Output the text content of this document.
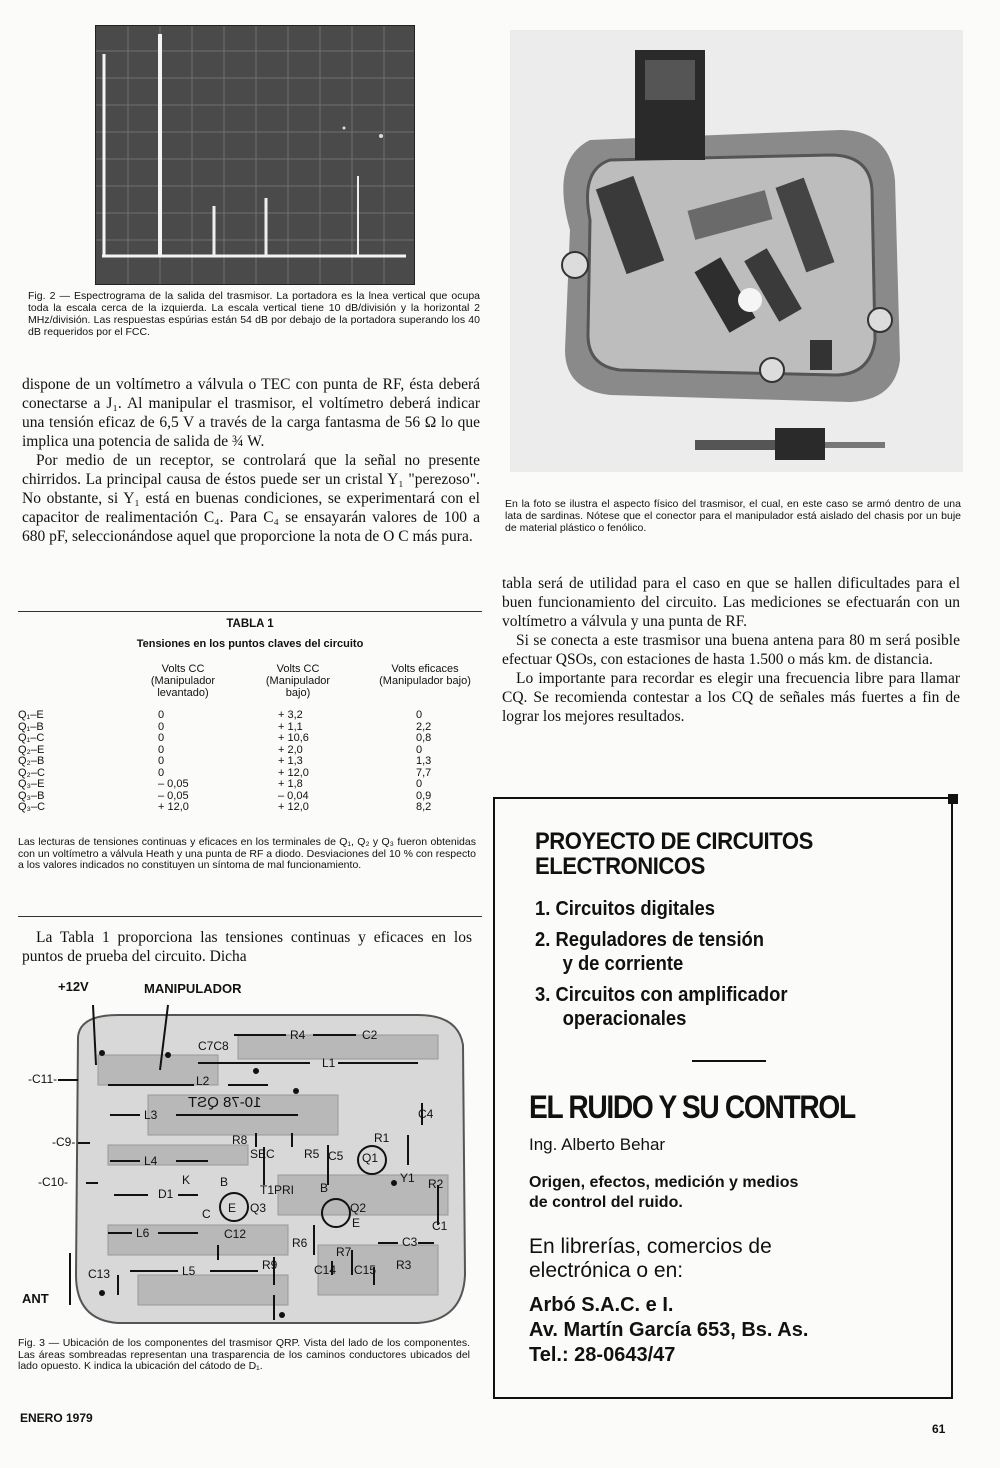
Fig. 2 — Espectrograma de la salida del trasmisor. La portadora es la lnea vertical que ocupa toda la escala cerca de la izquierda. La escala vertical tiene 10 dB/división y la horizontal 2 MHz/división. Las respuestas espúrias están 54 dB por debajo de la portadora superando los 40 dB requeridos por el FCC.

dispone de un voltímetro a válvula o TEC con punta de RF, ésta deberá conectarse a J₁. Al manipular el trasmisor, el voltímetro deberá indicar una tensión eficaz de 6,5 V a través de la carga fantasma de 56 Ω lo que implica una potencia de salida de ¾ W.

Por medio de un receptor, se controlará que la señal no presente chirridos. La principal causa de éstos puede ser un cristal Y₁ "perezoso". No obstante, si Y₁ está en buenas condiciones, se experimentará con el capacitor de realimentación C₄. Para C₄ se ensayarán valores de 100 a 680 pF, seleccionándose aquel que proporcione la nota de O C más pura.

TABLA 1
Tensiones en los puntos claves del circuito
Volts CC (Manipulador levantado)
Volts CC (Manipulador bajo)
Volts eficaces (Manipulador bajo)
Q₁–E	0	+ 3,2	0
Q₁–B	0	+ 1,1	2,2
Q₁–C	0	+ 10,6	0,8
Q₂–E	0	+ 2,0	0
Q₂–B	0	+ 1,3	1,3
Q₂–C	0	+ 12,0	7,7
Q₃–E	– 0,05	+ 1,8	0
Q₃–B	– 0,05	– 0,04	0,9
Q₃–C	+ 12,0	+ 12,0	8,2
Las lecturas de tensiones continuas y eficaces en los terminales de Q₁, Q₂ y Q₃ fueron obtenidas con un voltímetro a válvula Heath y una punta de RF a diodo. Desviaciones del 10 % con respecto a los valores indicados no constituyen un síntoma de mal funcionamiento.
La Tabla 1 proporciona las tensiones continuas y eficaces en los puntos de prueba del circuito. Dicha
+12V	MANIPULADOR
ANT
-C11-
-C9-
-C10-
C7C8
R4	C2
L1
L2
L3
L4
L5
L6
C4
R8
SEC R5 C5 Q1
R1
Y1 R2
K
D1
B	B
C E Q3
T1PRI
Q2
E	C1
C12
R6
R7
C3
R3
C13
R9	C14 C15
10-78 QST
Fig. 3 — Ubicación de los componentes del trasmisor QRP. Vista del lado de los componentes. Las áreas sombreadas representan una trasparencia de los caminos conductores ubicados del lado opuesto. K indica la ubicación del cátodo de D₁.
En la foto se ilustra el aspecto físico del trasmisor, el cual, en este caso se armó dentro de una lata de sardinas. Nótese que el conector para el manipulador está aislado del chasis por un buje de material plástico o fenólico.

tabla será de utilidad para el caso en que se hallen dificultades para el buen funcionamiento del circuito. Las mediciones se efectuarán con un voltímetro a válvula y una punta de RF.

Si se conecta a este trasmisor una buena antena para 80 m será posible efectuar QSOs, con estaciones de hasta 1.500 o más km. de distancia.

Lo importante para recordar es elegir una frecuencia libre para llamar CQ. Se recomienda contestar a los CQ de señales más fuertes a fin de lograr los mejores resultados.

PROYECTO DE CIRCUITOS
ELECTRONICOS
1. Circuitos digitales
2. Reguladores de tensión
y de corriente
3. Circuitos con amplificador
operacionales
EL RUIDO Y SU CONTROL
Ing. Alberto Behar
Origen, efectos, medición y medios
de control del ruido.
En librerías, comercios de
electrónica o en:
Arbó S.A.C. e I.
Av. Martín García 653, Bs. As.
Tel.: 28-0643/47
ENERO 1979
61
